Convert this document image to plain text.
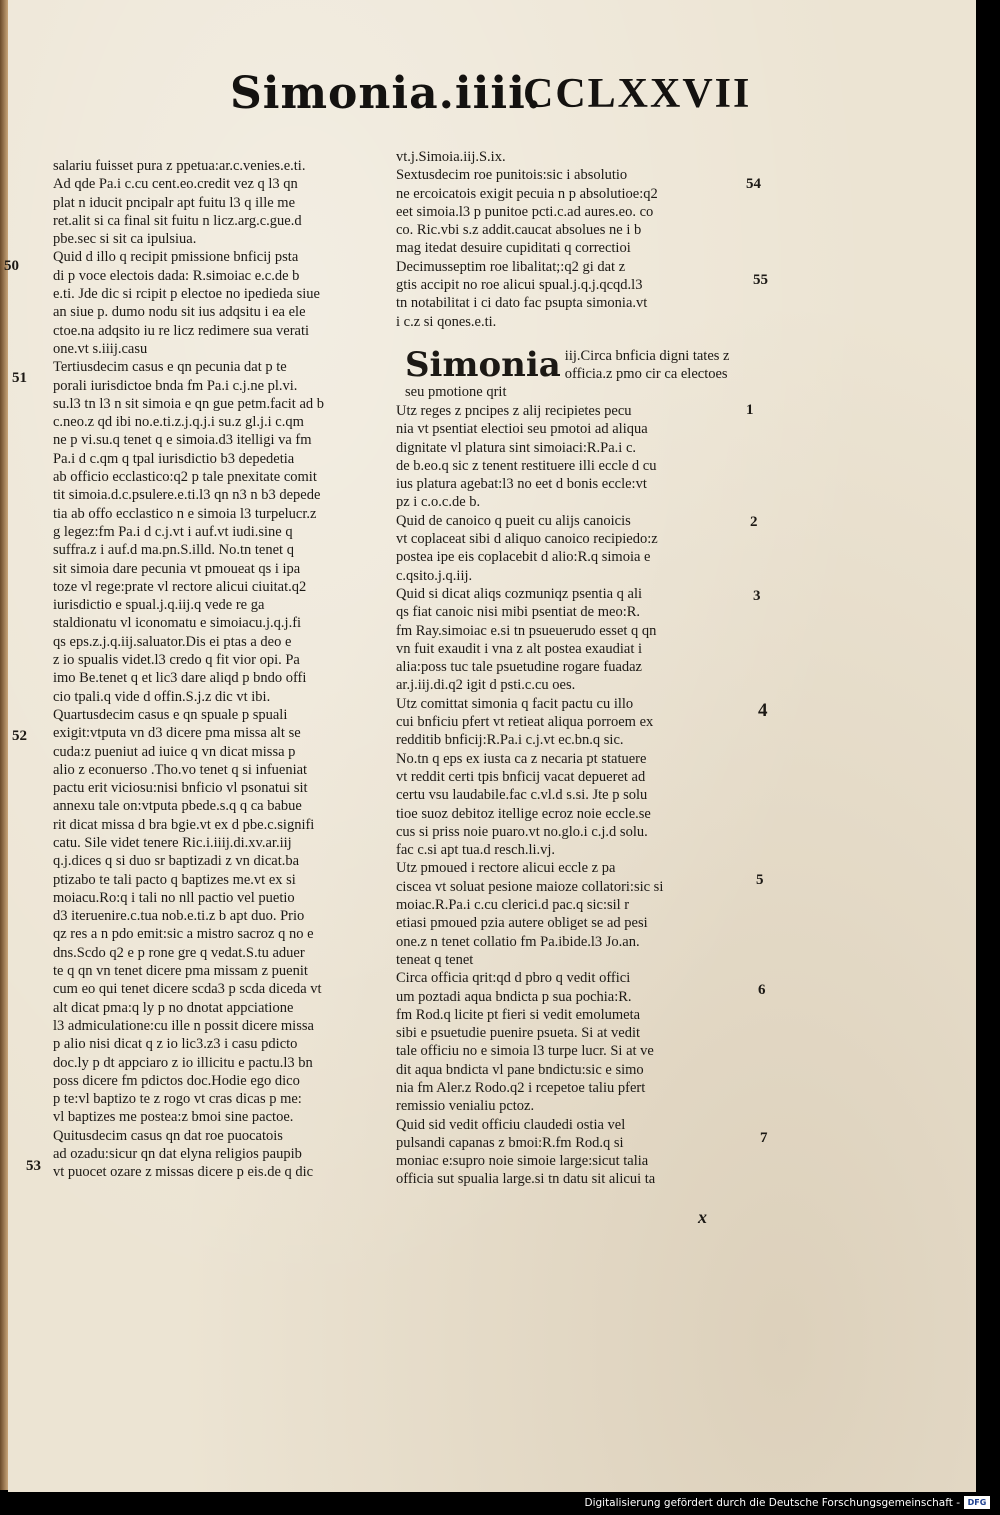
Simonia.iiii.
CCLXXVII

salariu fuisset pura z ppetua:ar.c.venies.e.ti.

Ad qde Pa.i c.cu cent.eo.credit vez q l3 qn

plat n iducit pncipalr apt fuitu l3 q ille me

ret.alit si ca final sit fuitu n licz.arg.c.gue.d

pbe.sec si sit ca ipulsiua.

Quid d illo q recipit pmissione bnficij psta

di p voce electois dada: R.simoiac e.c.de b

e.ti. Jde dic si rcipit p electoe no ipedieda siue

an siue p. dumo nodu sit ius adqsitu i ea ele

ctoe.na adqsito iu re licz redimere sua verati

one.vt s.iiij.casu

Tertiusdecim casus e qn pecunia dat p te

porali iurisdictoe bnda fm Pa.i c.j.ne pl.vi.

su.l3 tn l3 n sit simoia e qn gue petm.facit ad b

c.neo.z qd ibi no.e.ti.z.j.q.j.i su.z gl.j.i c.qm

ne p vi.su.q tenet q e simoia.d3 itelligi va fm

Pa.i d c.qm q tpal iurisdictio b3 depedetia

ab officio ecclastico:q2 p tale pnexitate comit

tit simoia.d.c.psulere.e.ti.l3 qn n3 n b3 depede

tia ab offo ecclastico n e simoia l3 turpelucr.z

g legez:fm Pa.i d c.j.vt i auf.vt iudi.sine q

suffra.z i auf.d ma.pn.S.illd. No.tn tenet q

sit simoia dare pecunia vt pmoueat qs i ipa

toze vl rege:prate vl rectore alicui ciuitat.q2

iurisdictio e spual.j.q.iij.q vede re ga

staldionatu vl iconomatu e simoiacu.j.q.j.fi

qs eps.z.j.q.iij.saluator.Dis ei ptas a deo e

z io spualis videt.l3 credo q fit vior opi. Pa

imo Be.tenet q et lic3 dare aliqd p bndo offi

cio tpali.q vide d offin.S.j.z dic vt ibi.

Quartusdecim casus e qn spuale p spuali

exigit:vtputa vn d3 dicere pma missa alt se

cuda:z pueniut ad iuice q vn dicat missa p

alio z econuerso .Tho.vo tenet q si infueniat

pactu erit viciosu:nisi bnficio vl psonatui sit

annexu tale on:vtputa pbede.s.q q ca babue

rit dicat missa d bra bgie.vt ex d pbe.c.signifi

catu. Sile videt tenere Ric.i.iiij.di.xv.ar.iij

q.j.dices q si duo sr baptizadi z vn dicat.ba

ptizabo te tali pacto q baptizes me.vt ex si

moiacu.Ro:q i tali no nll pactio vel puetio

d3 iteruenire.c.tua nob.e.ti.z b apt duo. Prio

qz res a n pdo emit:sic a mistro sacroz q no e

dns.Scdo q2 e p rone gre q vedat.S.tu aduer

te q qn vn tenet dicere pma missam z puenit

cum eo qui tenet dicere scda3 p scda diceda vt

alt dicat pma:q ly p no dnotat appciatione

l3 admiculatione:cu ille n possit dicere missa

p alio nisi dicat q z io lic3.z3 i casu pdicto

doc.ly p dt appciaro z io illicitu e pactu.l3 bn

poss dicere fm pdictos doc.Hodie ego dico

p te:vl baptizo te z rogo vt cras dicas p me:

vl baptizes me postea:z bmoi sine pactoe.

Quitusdecim casus qn dat roe puocatois

ad ozadu:sicur qn dat elyna religios paupib

vt puocet ozare z missas dicere p eis.de q dic

vt.j.Simoia.iij.S.ix.

Sextusdecim roe punitois:sic i absolutio

ne ercoicatois exigit pecuia n p absolutioe:q2

eet simoia.l3 p punitoe pcti.c.ad aures.eo. co

co. Ric.vbi s.z addit.caucat absolues ne i b

mag itedat desuire cupiditati q correctioi

Decimusseptim roe libalitat;:q2 gi dat z

gtis accipit no roe alicui spual.j.q.j.qcqd.l3

tn notabilitat i ci dato fac psupta simonia.vt

i c.z si qones.e.ti.

Simonia iij.Circa bnficia digni tates z officia.z pmo cir ca electoes seu pmotione qrit

Utz reges z pncipes z alij recipietes pecu

nia vt psentiat electioi seu pmotoi ad aliqua

dignitate vl platura sint simoiaci:R.Pa.i c.

de b.eo.q sic z tenent restituere illi eccle d cu

ius platura agebat:l3 no eet d bonis eccle:vt

pz i c.o.c.de b.

Quid de canoico q pueit cu alijs canoicis

vt coplaceat sibi d aliquo canoico recipiedo:z

postea ipe eis coplacebit d alio:R.q simoia e

c.qsito.j.q.iij.

Quid si dicat aliqs cozmuniqz psentia q ali

qs fiat canoic nisi mibi psentiat de meo:R.

fm Ray.simoiac e.si tn psueuerudo esset q qn

vn fuit exaudit i vna z alt postea exaudiat i

alia:poss tuc tale psuetudine rogare fuadaz

ar.j.iij.di.q2 igit d psti.c.cu oes.

Utz comittat simonia q facit pactu cu illo

cui bnficiu pfert vt retieat aliqua porroem ex

redditib bnficij:R.Pa.i c.j.vt ec.bn.q sic.

No.tn q eps ex iusta ca z necaria pt statuere

vt reddit certi tpis bnficij vacat depueret ad

certu vsu laudabile.fac c.vl.d s.si. Jte p solu

tioe suoz debitoz itellige ecroz noie eccle.se

cus si priss noie puaro.vt no.glo.i c.j.d solu.

fac c.si apt tua.d resch.li.vj.

Utz pmoued i rectore alicui eccle z pa

ciscea vt soluat pesione maioze collatori:sic si

moiac.R.Pa.i c.cu clerici.d pac.q sic:sil r

etiasi pmoued pzia autere obliget se ad pesi

one.z n tenet collatio fm Pa.ibide.l3 Jo.an.

teneat q tenet

Circa officia qrit:qd d pbro q vedit offici

um poztadi aqua bndicta p sua pochia:R.

fm Rod.q licite pt fieri si vedit emolumeta

sibi e psuetudie puenire psueta. Si at vedit

tale officiu no e simoia l3 turpe lucr. Si at ve

dit aqua bndicta vl pane bndictu:sic e simo

nia fm Aler.z Rodo.q2 i rcepetoe taliu pfert

remissio venialiu pctoz.

Quid sid vedit officiu claudedi ostia vel

pulsandi capanas z bmoi:R.fm Rod.q si

moniac e:supro noie simoie large:sicut talia

officia sut spualia large.si tn datu sit alicui ta

50
51
52
53
54
55
1
2
3
4
5
6
7
x
Digitalisierung gefördert durch die Deutsche Forschungsgemeinschaft - DFG
